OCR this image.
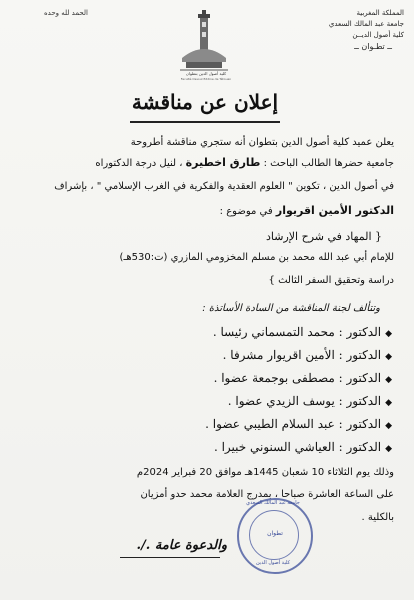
المملكة المغربية
جامعة عبد المالك السعدي
كلية أصول الديــن
ــ تطـوان ــ
الحمد لله وحده
كلية أصول الدين بتطوان
Faculté Ossoul Eddine de Tétouan
إعلان عن مناقشة
يعلن عميد كلية أصول الدين بتطوان أنه ستجري مناقشة أطروحة
جامعية حضرها الطالب الباحث : طارق اخطيرة ، لنيل درجة الدكتوراه
في أصول الدين ، تكوين " العلوم العقدية والفكرية في الغرب الإسلامي " ، بإشراف
الدكتور الأمين اقريوار في موضوع :
{ المهاد في شرح الإرشاد
للإمام أبي عبد الله محمد بن مسلم المخزومي المازري (ت:530هـ)
دراسة وتحقيق السفر الثالث }
وتتألف لجنة المناقشة من السادة الأساتذة :
◆الدكتور : محمد التمسماني رئيسا .
◆الدكتور : الأمين اقريوار مشرفا .
◆الدكتور : مصطفى بوجمعة عضوا .
◆الدكتور : يوسف الزيدي عضوا .
◆الدكتور : عبد السلام الطيبي عضوا .
◆الدكتور : العياشي السنوني خبيرا .
وذلك يوم الثلاثاء 10 شعبان 1445هـ موافق 20 فبراير 2024م
على الساعة العاشرة صباحا ، بمدرج العلامة محمد حدو أمزيان
بالكلية .
جامعة عبد المالك السعدي
تطوان
كلية أصول الدين
والدعوة عامة ./.
